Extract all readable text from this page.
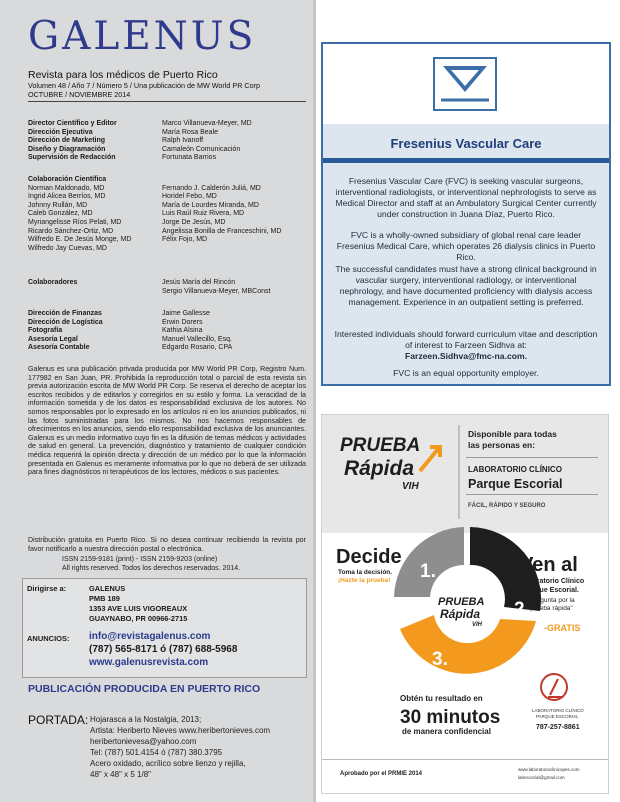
GALENUS
Revista para los médicos de Puerto Rico
Volumen 48 / Año 7 / Número 5 / Una publicación de MW World PR Corp
OCTUBRE / NOVIEMBRE 2014
Director Científico y Editor	Marco Villanueva-Meyer, MD
Dirección Ejecutiva	María Rosa Beale
Dirección de Marketing	Ralph Ivanoff
Diseño y Diagramación	Camaleón Comunicación
Supervisión de Redacción	Fortunata Barrios
Colaboración Científica
Norman Maldonado, MD	Fernando J. Calderón Juliá, MD
Ingrid Alicea Berríos, MD	Horidel Febo, MD
Johnny Rullán, MD	María de Lourdes Miranda, MD
Caleb González, MD	Luis Raúl Ruiz Rivera, MD
Myriangelisse Ríos Pelati, MD	Jorge De Jesús, MD
Ricardo Sánchez-Ortiz, MD	Angelissa Bonilla de Franceschini, MD
Wilfredo E. De Jesús Monge, MD	Félix Fojo, MD
Wilfredo Jay Cuevas, MD
Colaboradores	Jesús María del Rincón
Sergio Villanueva-Meyer, MBConst
Dirección de Finanzas	Jaime Gallesse
Dirección de Logística	Erwin Dorers
Fotografía	Kathia Alsina
Asesoría Legal	Manuel Vallecillo, Esq.
Asesoría Contable	Edgardo Rosario, CPA
Galenus es una publicación privada producida por MW World PR Corp, Registro Num. 177982 en San Juan, PR. Prohibida la reproducción total o parcial de esta revista sin previa autorización escrita de MW World PR Corp. Se reserva el derecho de aceptar los escritos recibidos y de editarlos y corregirlos en su estilo y forma. La veracidad de la información sometida y de los datos es responsabilidad exclusiva de los autores. No somos responsables por lo expresado en los artículos ni en los anuncios publicados, ni las fotos suministradas para los mismos. No nos hacemos responsables de ofrecimientos en los anuncios, siendo ello responsabilidad exclusiva de los anunciantes. Galenus es un medio informativo cuyo fin es la difusión de temas médicos y actividades de salud en general. La prevención, diagnóstico y tratamiento de cualquier condición médica requerirá la opinión directa y dirección de un médico por lo que la información presentada en Galenus es meramente informativa por lo que no deberá de ser utilizada para fines diagnósticos ni terapéuticos de los lectores, médicos o sus pacientes.
Distribución gratuita en Puerto Rico. Si no desea continuar recibiendo la revista por favor notifícarlo a nuestra dirección postal o electrónica.
ISSN 2159-9181 (print) - ISSN 2159-9203 (online)
All rights reserved. Todos los derechos reservados. 2014.
Dirigirse a:	GALENUS
PMB 189
1353 AVE LUIS VIGOREAUX
GUAYNABO, PR 00966-2715
ANUNCIOS: info@revistagalenus.com
(787) 565-8171 ó (787) 688-5968
www.galenusrevista.com
PUBLICACIÓN PRODUCIDA EN PUERTO RICO
PORTADA: Hojarasca a la Nostalgia, 2013;
Artista: Heriberto Nieves www.heribertonieves.com
heribertonievesa@yahoo.com
Tel: (787) 501.4154 ó (787) 380.3795
Acero oxidado, acrílico sobre lienzo y rejilla,
48" x 48" x 5 1/8"
Fresenius Vascular Care
Fresenius Vascular Care (FVC) is seeking vascular surgeons, interventional radiologists, or interventional nephrologists to serve as Medical Director and staff at an Ambulatory Surgical Center currently under construction in Juana Díaz, Puerto Rico.
FVC is a wholly-owned subsidiary of global renal care leader Fresenius Medical Care, which operates 26 dialysis clinics in Puerto Rico.
The successful candidates must have a strong clinical background in vascular surgery, interventional radiology, or interventional nephrology, and have documented proficiency with dialysis access management. Experience in an outpatient setting is preferred.
Interested individuals should forward curriculum vitae and description of interest to Farzeen Sidhva at:
Farzeen.Sidhva@fmc-na.com.
FVC is an equal opportunity employer.
PRUEBA
Rápida
VIH
Disponible para todas
las personas en:
LABORATORIO CLÍNICO
Parque Escorial
FÁCIL, RÁPIDO Y SEGURO
1.
2.
3.
PRUEBA
Rápida
VIH
Decide
Toma la decisión.
¡Hazte la prueba!
Ven al
Laboratorio Clínico
Parque Escorial.
-Pregunta por la
"prueba rápida"
-GRATIS
Obtén tu resultado en
30 minutos
de manera confidencial
LABORATORIO CLÍNICO
PARQUE ESCORIAL
787-257-8861
Aprobado por el PRMIE 2014
www.laboratorioclinicopes.com
labescorial@gmail.com
